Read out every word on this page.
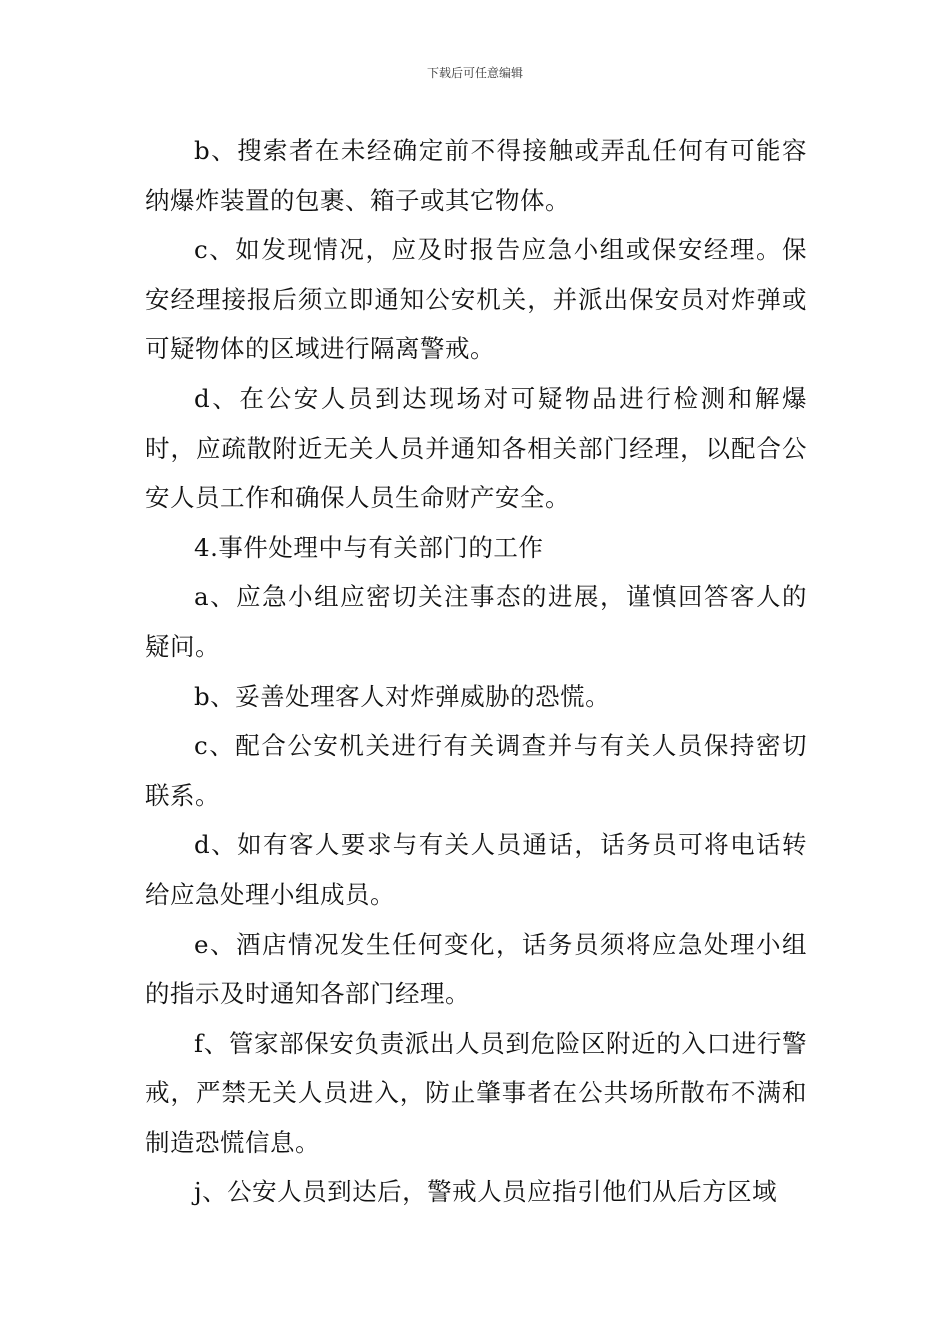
下载后可任意编辑

b、搜索者在未经确定前不得接触或弄乱任何有可能容纳爆炸装置的包裹、箱子或其它物体。

c、如发现情况，应及时报告应急小组或保安经理。保安经理接报后须立即通知公安机关，并派出保安员对炸弹或可疑物体的区域进行隔离警戒。

d、在公安人员到达现场对可疑物品进行检测和解爆时，应疏散附近无关人员并通知各相关部门经理，以配合公安人员工作和确保人员生命财产安全。

4.事件处理中与有关部门的工作

a、应急小组应密切关注事态的进展，谨慎回答客人的疑问。

b、妥善处理客人对炸弹威胁的恐慌。

c、配合公安机关进行有关调查并与有关人员保持密切联系。

d、如有客人要求与有关人员通话，话务员可将电话转给应急处理小组成员。

e、酒店情况发生任何变化，话务员须将应急处理小组的指示及时通知各部门经理。

f、管家部保安负责派出人员到危险区附近的入口进行警戒，严禁无关人员进入，防止肇事者在公共场所散布不满和制造恐慌信息。

j、公安人员到达后，警戒人员应指引他们从后方区域
